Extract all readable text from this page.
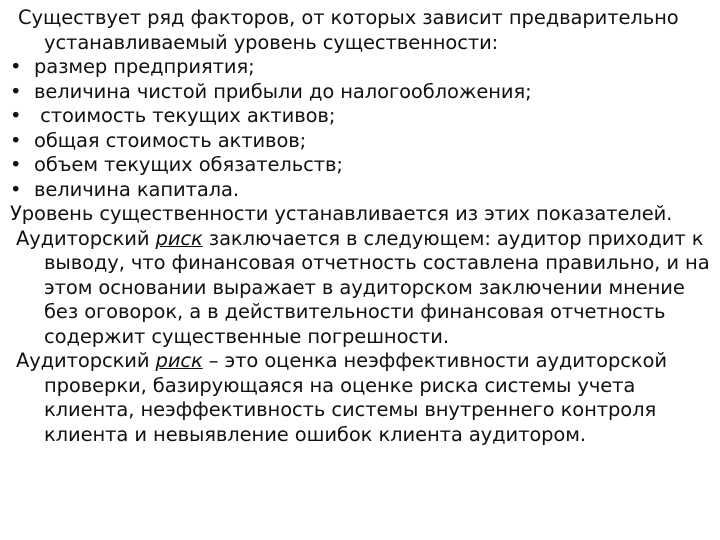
Существует ряд факторов, от которых зависит предварительно устанавливаемый уровень существенности:

• размер предприятия;

• величина чистой прибыли до налогообложения;

• стоимость текущих активов;

• общая стоимость активов;

• объем текущих обязательств;

• величина капитала.

Уровень существенности устанавливается из этих показателей.

Аудиторский риск заключается в следующем: аудитор приходит к выводу, что финансовая отчетность составлена правильно, и на этом основании выражает в аудиторском заключении мнение без оговорок, а в действительности финансовая отчетность содержит существенные погрешности.

Аудиторский риск – это оценка неэффективности аудиторской проверки, базирующаяся на оценке риска системы учета клиента, неэффективность системы внутреннего контроля клиента и невыявление ошибок клиента аудитором.
